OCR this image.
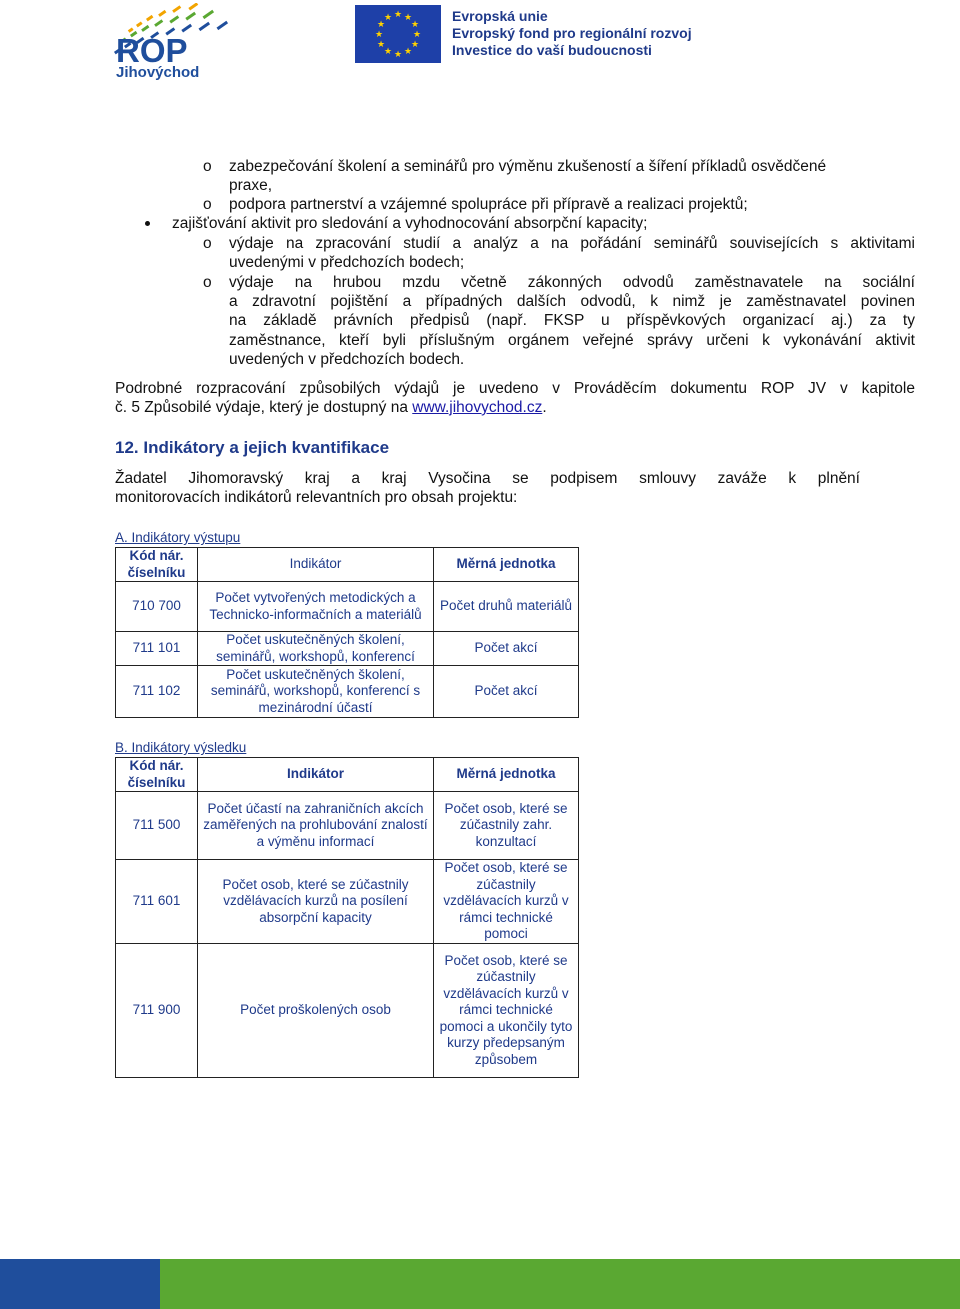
ROP
Jihovýchod
★ ★
★
★
★
★
★
★
★
★
★
★	Evropská unie
Evropský fond pro regionální rozvoj
Investice do vaší budoucnosti
o zabezpečování školení a seminářů pro výměnu zkušeností a šíření příkladů osvědčené
praxe,
o podpora partnerství a vzájemné spolupráce při přípravě a realizaci projektů;
zajišťování aktivit pro sledování a vyhodnocování absorpční kapacity;
o výdaje na zpracování studií a analýz a na pořádání seminářů souvisejících s aktivitami
uvedenými v předchozích bodech;
o výdaje na hrubou mzdu včetně zákonných odvodů zaměstnavatele na sociální
a zdravotní pojištění a případných dalších odvodů, k nimž je zaměstnavatel povinen
na základě právních předpisů (např. FKSP u příspěvkových organizací aj.) za ty
zaměstnance, kteří byli příslušným orgánem veřejné správy určeni k vykonávání aktivit
uvedených v předchozích bodech.
Podrobné rozpracování způsobilých výdajů je uvedeno v Prováděcím dokumentu ROP JV v kapitole
č. 5 Způsobilé výdaje, který je dostupný na www.jihovychod.cz.
12. Indikátory a jejich kvantifikace
Žadatel Jihomoravský kraj a kraj Vysočina se podpisem smlouvy zaváže k plnění
monitorovacích indikátorů relevantních pro obsah projektu:
A. Indikátory výstupu
Kód nár. číselníku	Indikátor	Měrná jednotka
710 700	Počet vytvořených metodických a Technicko-informačních a materiálů	Počet druhů materiálů
711 101	Počet uskutečněných školení, seminářů, workshopů, konferencí	Počet akcí
711 102	Počet uskutečněných školení, seminářů, workshopů, konferencí s mezinárodní účastí	Počet akcí
B. Indikátory výsledku
Kód nár. číselníku	Indikátor	Měrná jednotka
711 500	Počet účastí na zahraničních akcích zaměřených na prohlubování znalostí a výměnu informací	Počet osob, které se zúčastnily zahr. konzultací
711 601	Počet osob, které se zúčastnily vzdělávacích kurzů na posílení absorpční kapacity	Počet osob, které se zúčastnily vzdělávacích kurzů v rámci technické pomoci
711 900	Počet proškolených osob	Počet osob, které se zúčastnily vzdělávacích kurzů v rámci technické pomoci a ukončily tyto kurzy předepsaným způsobem
